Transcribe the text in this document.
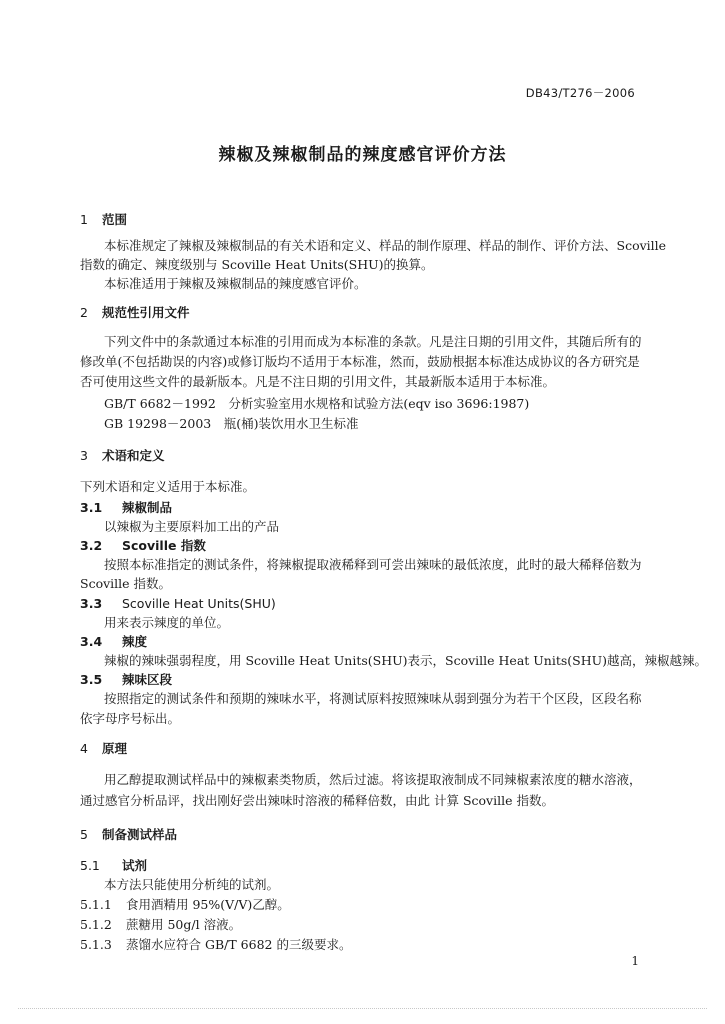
DB43/T276－2006
辣椒及辣椒制品的辣度感官评价方法
1 范围
本标准规定了辣椒及辣椒制品的有关术语和定义、样品的制作原理、样品的制作、评价方法、Scoville
指数的确定、辣度级别与 Scoville Heat Units(SHU)的换算。
本标准适用于辣椒及辣椒制品的辣度感官评价。
2 规范性引用文件
下列文件中的条款通过本标准的引用而成为本标准的条款。凡是注日期的引用文件，其随后所有的
修改单(不包括勘误的内容)或修订版均不适用于本标准，然而，鼓励根据本标准达成协议的各方研究是
否可使用这些文件的最新版本。凡是不注日期的引用文件，其最新版本适用于本标准。
GB/T 6682－1992　分析实验室用水规格和试验方法(eqv iso 3696:1987)
GB 19298－2003　瓶(桶)装饮用水卫生标准
3 术语和定义
下列术语和定义适用于本标准。
3.1 辣椒制品
以辣椒为主要原料加工出的产品
3.2 Scoville 指数
按照本标准指定的测试条件，将辣椒提取液稀释到可尝出辣味的最低浓度，此时的最大稀释倍数为
Scoville 指数。
3.3 Scoville Heat Units(SHU)
用来表示辣度的单位。
3.4 辣度
辣椒的辣味强弱程度，用 Scoville Heat Units(SHU)表示，Scoville Heat Units(SHU)越高，辣椒越辣。
3.5 辣味区段
按照指定的测试条件和预期的辣味水平，将测试原料按照辣味从弱到强分为若干个区段，区段名称
依字母序号标出。
4 原理
用乙醇提取测试样品中的辣椒素类物质，然后过滤。将该提取液制成不同辣椒素浓度的糖水溶液，
通过感官分析品评，找出刚好尝出辣味时溶液的稀释倍数，由此 计算 Scoville 指数。
5 制备测试样品
5.1 试剂
本方法只能使用分析纯的试剂。
5.1.1 食用酒精用 95%(V/V)乙醇。
5.1.2 蔗糖用 50g/l 溶液。
5.1.3 蒸馏水应符合 GB/T 6682 的三级要求。
1
